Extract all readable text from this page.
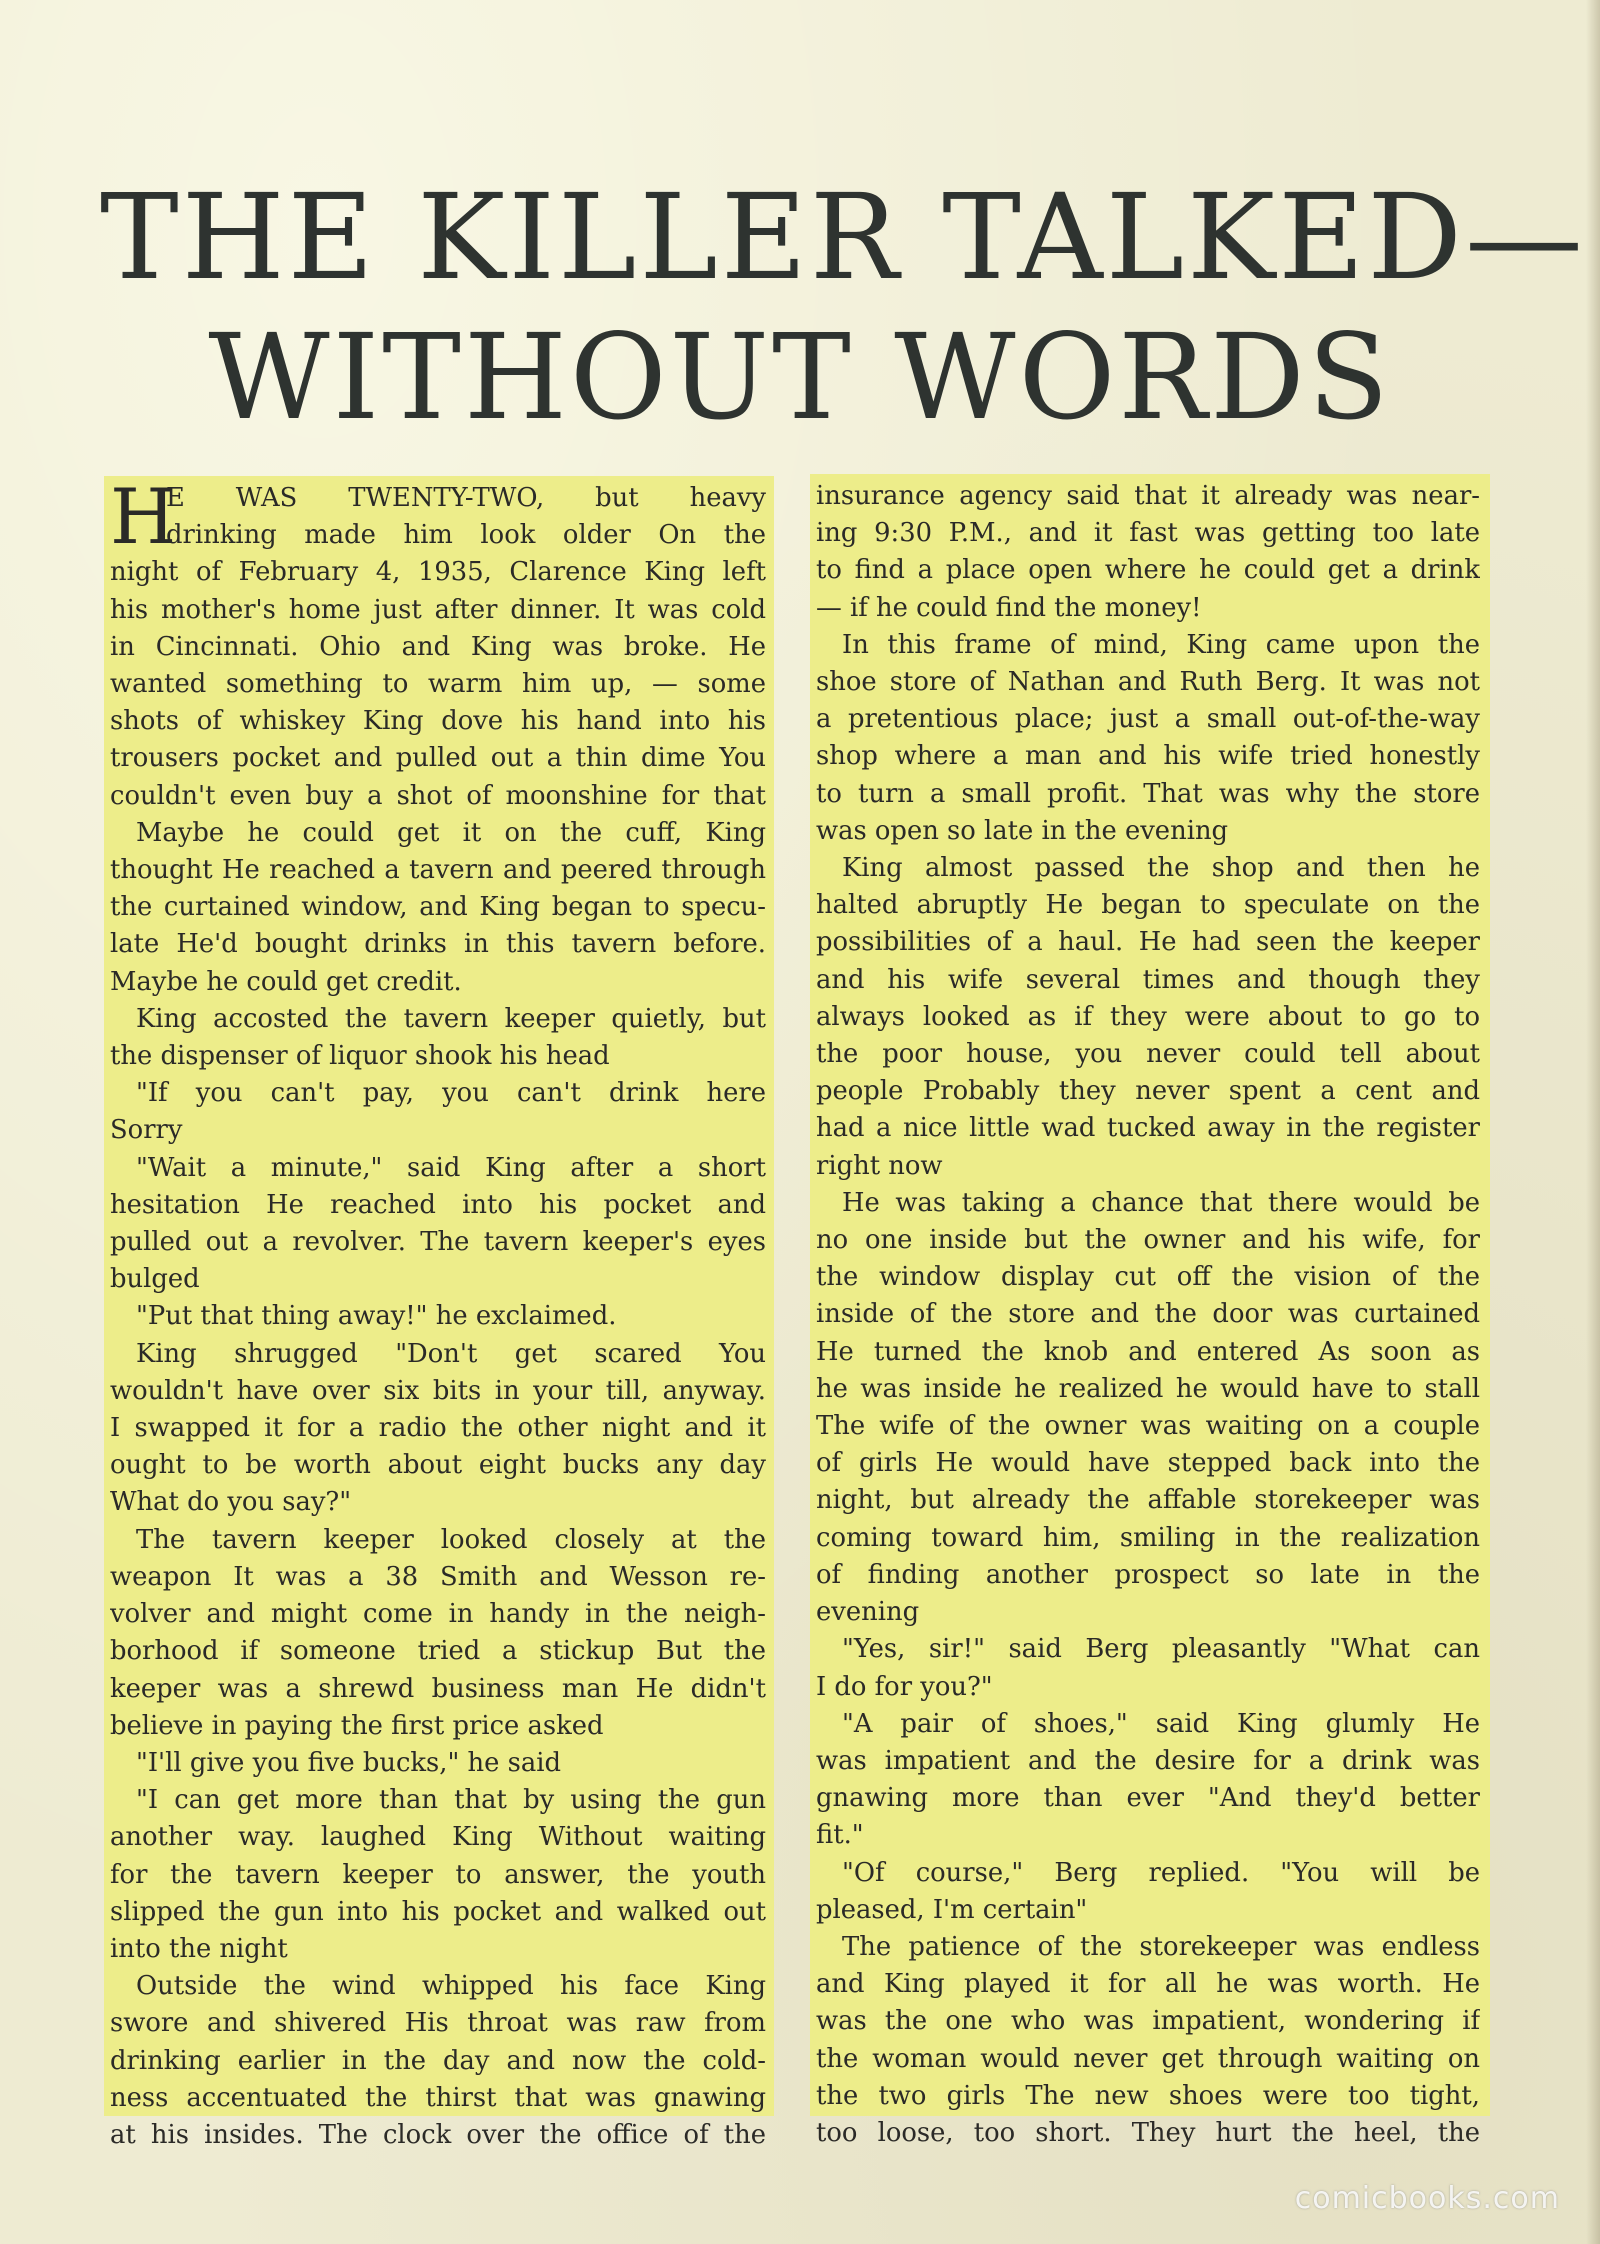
THE KILLER TALKED—
WITHOUT WORDS
H
E WAS TWENTY-TWO, but heavy
drinking made him look older On the
night of February 4, 1935, Clarence King left
his mother's home just after dinner. It was cold
in Cincinnati. Ohio and King was broke. He
wanted something to warm him up, — some
shots of whiskey King dove his hand into his
trousers pocket and pulled out a thin dime You
couldn't even buy a shot of moonshine for that
Maybe he could get it on the cuff, King
thought He reached a tavern and peered through
the curtained window, and King began to specu-
late He'd bought drinks in this tavern before.
Maybe he could get credit.
King accosted the tavern keeper quietly, but
the dispenser of liquor shook his head
"If you can't pay, you can't drink here
Sorry
"Wait a minute," said King after a short
hesitation He reached into his pocket and
pulled out a revolver. The tavern keeper's eyes
bulged
"Put that thing away!" he exclaimed.
King shrugged "Don't get scared You
wouldn't have over six bits in your till, anyway.
I swapped it for a radio the other night and it
ought to be worth about eight bucks any day
What do you say?"
The tavern keeper looked closely at the
weapon It was a 38 Smith and Wesson re-
volver and might come in handy in the neigh-
borhood if someone tried a stickup But the
keeper was a shrewd business man He didn't
believe in paying the first price asked
"I'll give you five bucks," he said
"I can get more than that by using the gun
another way. laughed King Without waiting
for the tavern keeper to answer, the youth
slipped the gun into his pocket and walked out
into the night
Outside the wind whipped his face King
swore and shivered His throat was raw from
drinking earlier in the day and now the cold-
ness accentuated the thirst that was gnawing
at his insides. The clock over the office of the
insurance agency said that it already was near-
ing 9:30 P.M., and it fast was getting too late
to find a place open where he could get a drink
— if he could find the money!
In this frame of mind, King came upon the
shoe store of Nathan and Ruth Berg. It was not
a pretentious place; just a small out-of-the-way
shop where a man and his wife tried honestly
to turn a small profit. That was why the store
was open so late in the evening
King almost passed the shop and then he
halted abruptly He began to speculate on the
possibilities of a haul. He had seen the keeper
and his wife several times and though they
always looked as if they were about to go to
the poor house, you never could tell about
people Probably they never spent a cent and
had a nice little wad tucked away in the register
right now
He was taking a chance that there would be
no one inside but the owner and his wife, for
the window display cut off the vision of the
inside of the store and the door was curtained
He turned the knob and entered As soon as
he was inside he realized he would have to stall
The wife of the owner was waiting on a couple
of girls He would have stepped back into the
night, but already the affable storekeeper was
coming toward him, smiling in the realization
of finding another prospect so late in the
evening
"Yes, sir!" said Berg pleasantly "What can
I do for you?"
"A pair of shoes," said King glumly He
was impatient and the desire for a drink was
gnawing more than ever "And they'd better
fit."
"Of course," Berg replied. "You will be
pleased, I'm certain"
The patience of the storekeeper was endless
and King played it for all he was worth. He
was the one who was impatient, wondering if
the woman would never get through waiting on
the two girls The new shoes were too tight,
too loose, too short. They hurt the heel, the
comicbooks.com
